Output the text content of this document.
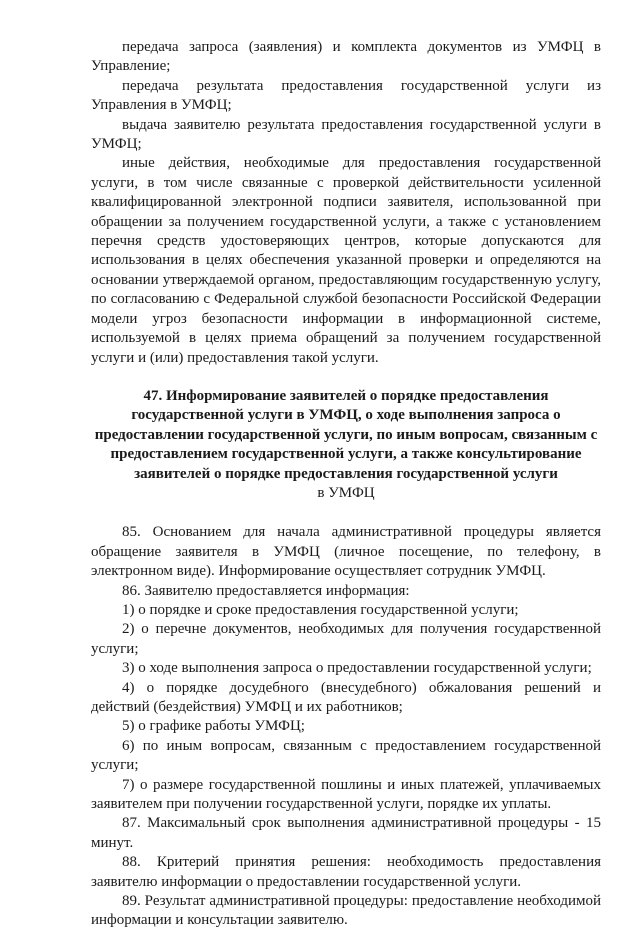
передача запроса (заявления) и комплекта документов из УМФЦ в Управление;

передача результата предоставления государственной услуги из Управления в УМФЦ;

выдача заявителю результата предоставления государственной услуги в УМФЦ;

иные действия, необходимые для предоставления государственной услуги, в том числе связанные с проверкой действительности усиленной квалифицированной электронной подписи заявителя, использованной при обращении за получением государственной услуги, а также с установлением перечня средств удостоверяющих центров, которые допускаются для использования в целях обеспечения указанной проверки и определяются на основании утверждаемой органом, предоставляющим государственную услугу, по согласованию с Федеральной службой безопасности Российской Федерации модели угроз безопасности информации в информационной системе, используемой в целях приема обращений за получением государственной услуги и (или) предоставления такой услуги.

47. Информирование заявителей о порядке предоставления
государственной услуги в УМФЦ, о ходе выполнения запроса о
предоставлении государственной услуги, по иным вопросам, связанным с
предоставлением государственной услуги, а также консультирование
заявителей о порядке предоставления государственной услуги
в УМФЦ

85. Основанием для начала административной процедуры является обращение заявителя в УМФЦ (личное посещение, по телефону, в электронном виде). Информирование осуществляет сотрудник УМФЦ.

86. Заявителю предоставляется информация:

1) о порядке и сроке предоставления государственной услуги;

2) о перечне документов, необходимых для получения государственной услуги;

3) о ходе выполнения запроса о предоставлении государственной услуги;

4) о порядке досудебного (внесудебного) обжалования решений и действий (бездействия) УМФЦ и их работников;

5) о графике работы УМФЦ;

6) по иным вопросам, связанным с предоставлением государственной услуги;

7) о размере государственной пошлины и иных платежей, уплачиваемых заявителем при получении государственной услуги, порядке их уплаты.

87. Максимальный срок выполнения административной процедуры - 15 минут.

88. Критерий принятия решения: необходимость предоставления заявителю информации о предоставлении государственной услуги.

89. Результат административной процедуры: предоставление необходимой информации и консультации заявителю.
